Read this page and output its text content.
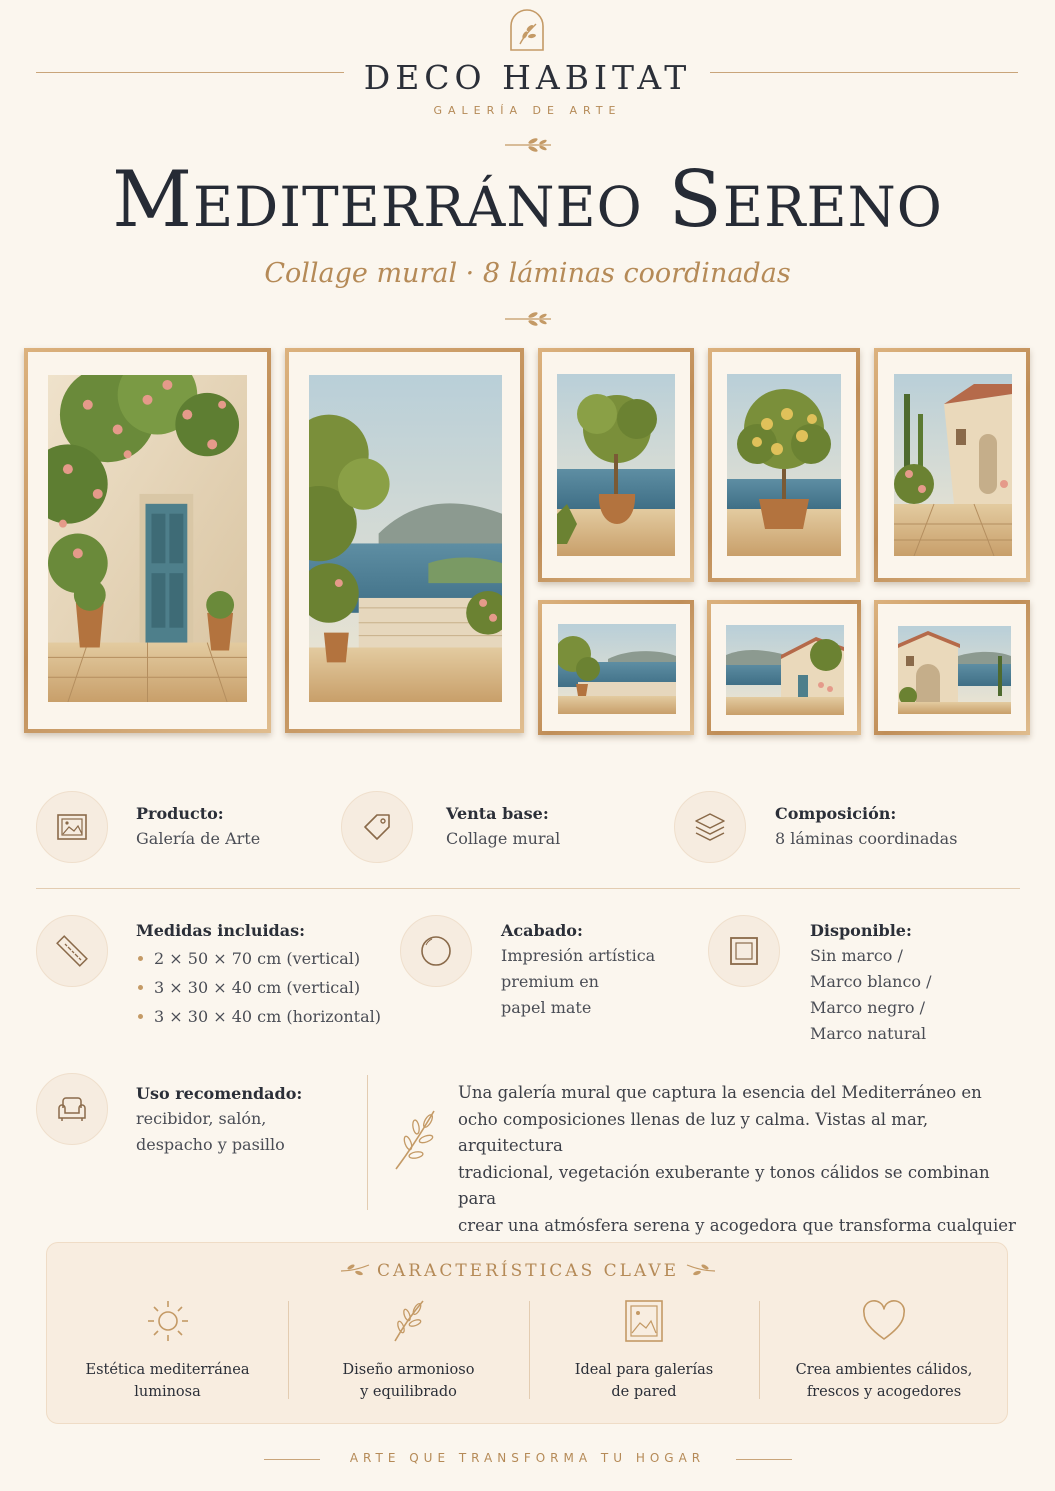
DECO HABITAT
GALERÍA DE ARTE
Mediterráneo Sereno
Collage mural · 8 láminas coordinadas
Producto:
Galería de Arte
Venta base:
Collage mural
Composición:
8 láminas coordinadas
Medidas incluidas:
2 × 50 × 70 cm (vertical)
3 × 30 × 40 cm (vertical)
3 × 30 × 40 cm (horizontal)
Acabado:
Impresión artística
premium en
papel mate
Disponible:
Sin marco /
Marco blanco /
Marco negro /
Marco natural
Uso recomendado:
recibidor, salón,
despacho y pasillo
Una galería mural que captura la esencia del Mediterráneo en
ocho composiciones llenas de luz y calma. Vistas al mar, arquitectura
tradicional, vegetación exuberante y tonos cálidos se combinan para
crear una atmósfera serena y acogedora que transforma cualquier
CARACTERÍSTICAS CLAVE
Estética mediterránea
luminosa
Diseño armonioso
y equilibrado
Ideal para galerías
de pared
Crea ambientes cálidos,
frescos y acogedores
ARTE QUE TRANSFORMA TU HOGAR
